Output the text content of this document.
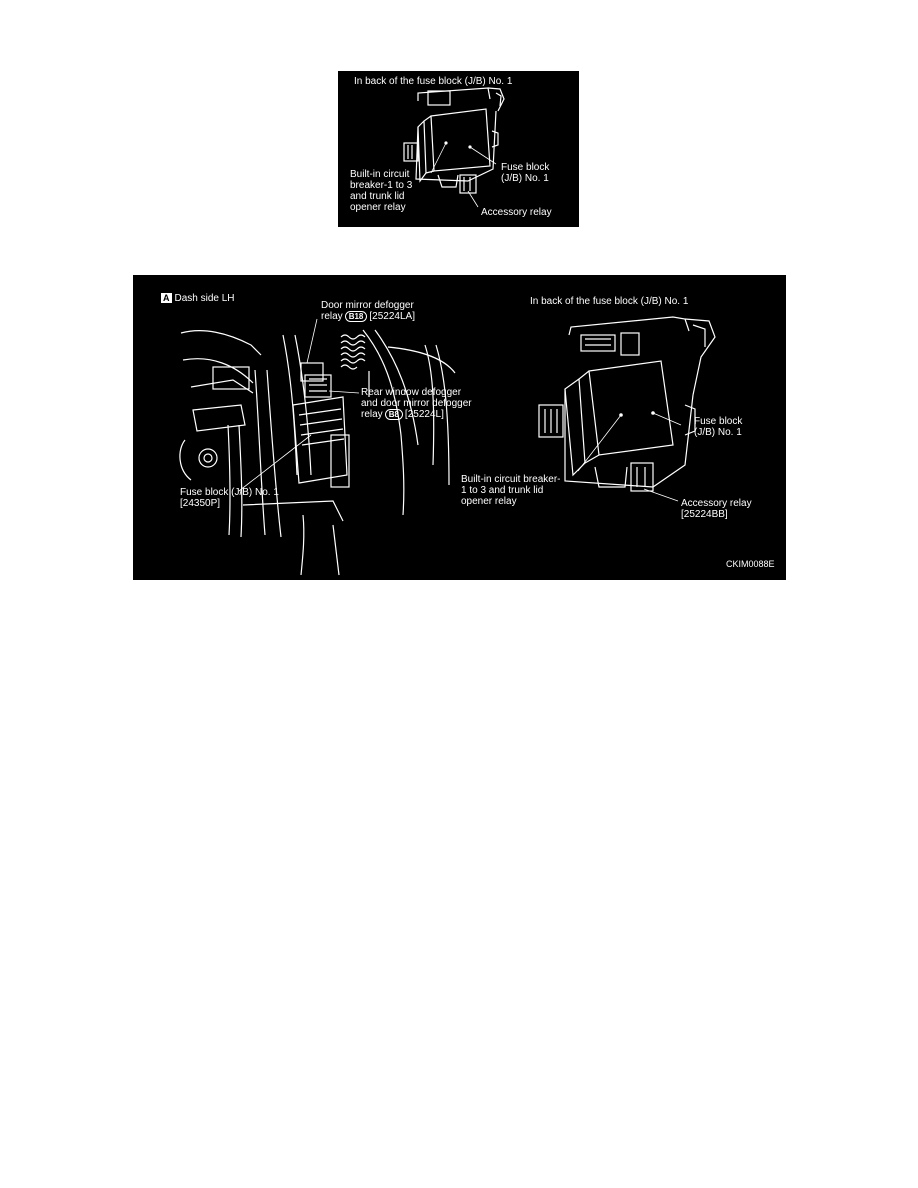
In back of the fuse block (J/B) No. 1
Built-in circuit
breaker-1 to 3
and trunk lid
opener relay
Fuse block
(J/B) No. 1
Accessory relay
A Dash side LH
Door mirror defogger
relay B18 [25224LA]
Rear window defogger
and door mirror defogger
relay B8 [25224L]
Fuse block (J/B) No. 1
[24350P]
In back of the fuse block (J/B) No. 1
Fuse block
(J/B) No. 1
Built-in circuit breaker-
1 to 3 and trunk lid
opener relay	Accessory relay
[25224BB]
CKIM0088E
